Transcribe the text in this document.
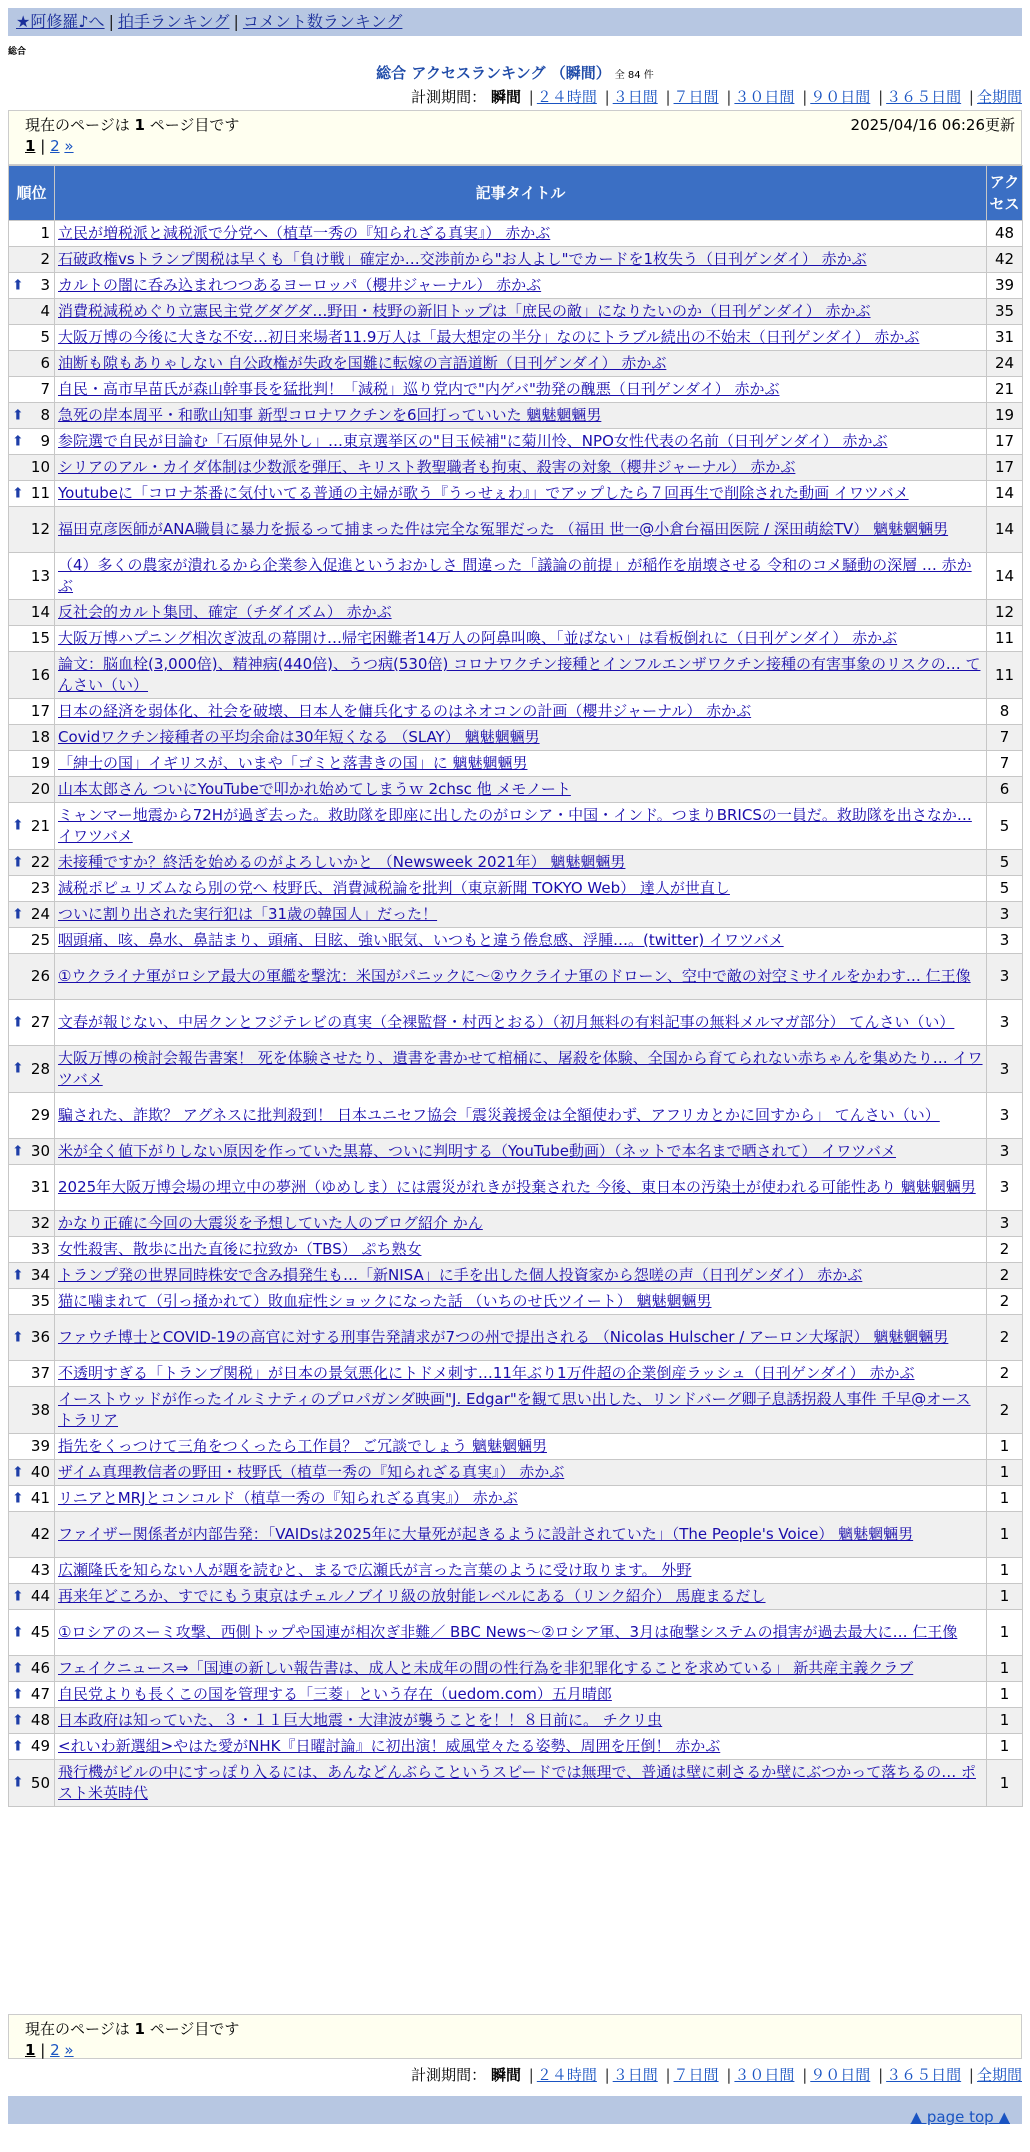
★阿修羅♪へ | 拍手ランキング | コメント数ランキング
総合
総合 アクセスランキング （瞬間） 全 84 件
計測期間： 瞬間 | ２４時間 | ３日間 | ７日間 | ３０日間 | ９０日間 | ３６５日間 | 全期間
現在のページは 1 ページ目です	2025/04/16 06:26更新
1 | 2 »
順位	記事タイトル	アクセス
1	立民が増税派と減税派で分党へ（植草一秀の『知られざる真実』） 赤かぶ	48
2	石破政権vsトランプ関税は早くも「負け戦」確定か…交渉前から"お人よし"でカードを1枚失う（日刊ゲンダイ） 赤かぶ	42

⬆ 3	カルトの闇に呑み込まれつつあるヨーロッパ（櫻井ジャーナル） 赤かぶ	39
4	消費税減税めぐり立憲民主党グダグダ…野田・枝野の新旧トップは「庶民の敵」になりたいのか（日刊ゲンダイ） 赤かぶ	35
5	大阪万博の今後に大きな不安…初日来場者11.9万人は「最大想定の半分」なのにトラブル続出の不始末（日刊ゲンダイ） 赤かぶ	31
6	油断も隙もありゃしない 自公政権が失政を国難に転嫁の言語道断（日刊ゲンダイ） 赤かぶ	24
7	自民・高市早苗氏が森山幹事長を猛批判！「減税」巡り党内で"内ゲバ"勃発の醜悪（日刊ゲンダイ） 赤かぶ	21

⬆ 8	急死の岸本周平・和歌山知事 新型コロナワクチンを6回打っていいた 魑魅魍魎男	19

⬆ 9	参院選で自民が目論む「石原伸晃外し」…東京選挙区の"目玉候補"に菊川怜、NPO女性代表の名前（日刊ゲンダイ） 赤かぶ	17
10	シリアのアル・カイダ体制は少数派を弾圧、キリスト教聖職者も拘束、殺害の対象（櫻井ジャーナル） 赤かぶ	17

⬆ 11	Youtubeに「コロナ茶番に気付いてる普通の主婦が歌う『うっせぇわ』」でアップしたら７回再生で削除された動画 イワツバメ	14
12	福田克彦医師がANA職員に暴力を振るって捕まった件は完全な冤罪だった （福田 世一@小倉台福田医院 / 深田萌絵TV） 魑魅魍魎男	14
13	（4）多くの農家が潰れるから企業参入促進というおかしさ 間違った「議論の前提」が稲作を崩壊させる 令和のコメ騒動の深層 … 赤かぶ	14
14	反社会的カルト集団、確定（チダイズム） 赤かぶ	12
15	大阪万博ハプニング相次ぎ波乱の幕開け…帰宅困難者14万人の阿鼻叫喚、「並ばない」は看板倒れに（日刊ゲンダイ） 赤かぶ	11
16	論文：脳血栓(3,000倍)、精神病(440倍)、うつ病(530倍) コロナワクチン接種とインフルエンザワクチン接種の有害事象のリスクの… てんさい（い）	11
17	日本の経済を弱体化、社会を破壊、日本人を傭兵化するのはネオコンの計画（櫻井ジャーナル） 赤かぶ	8
18	Covidワクチン接種者の平均余命は30年短くなる （SLAY） 魑魅魍魎男	7
19	「紳士の国」イギリスが、いまや「ゴミと落書きの国」に 魑魅魍魎男	7
20	山本太郎さん ついにYouTubeで叩かれ始めてしまうｗ 2chsc 他 メモノート	6

⬆ 21	ミャンマー地震から72Hが過ぎ去った。救助隊を即座に出したのがロシア・中国・インド。つまりBRICSの一員だ。救助隊を出さなか… イワツバメ	5

⬆ 22	未接種ですか？終活を始めるのがよろしいかと （Newsweek 2021年） 魑魅魍魎男	5
23	減税ポピュリズムなら別の党へ 枝野氏、消費減税論を批判（東京新聞 TOKYO Web） 達人が世直し	5

⬆ 24	ついに割り出された実行犯は「31歳の韓国人」だった！	3
25	咽頭痛、咳、鼻水、鼻詰まり、頭痛、目眩、強い眠気、いつもと違う倦怠感、浮腫…。(twitter) イワツバメ	3
26	①ウクライナ軍がロシア最大の軍艦を撃沈：米国がパニックに〜②ウクライナ軍のドローン、空中で敵の対空ミサイルをかわす… 仁王像	3

⬆ 27	文春が報じない、中居クンとフジテレビの真実（全裸監督・村西とおる）（初月無料の有料記事の無料メルマガ部分） てんさい（い）	3

⬆ 28	大阪万博の検討会報告書案！ 死を体験させたり、遺書を書かせて棺桶に、屠殺を体験、全国から育てられない赤ちゃんを集めたり… イワツバメ	3
29	騙された、詐欺？ アグネスに批判殺到！ 日本ユニセフ協会「震災義援金は全額使わず、アフリカとかに回すから」 てんさい（い）	3

⬆ 30	米が全く値下がりしない原因を作っていた黒幕、ついに判明する（YouTube動画）（ネットで本名まで晒されて） イワツバメ	3
31	2025年大阪万博会場の埋立中の夢洲（ゆめしま）には震災がれきが投棄された 今後、東日本の汚染土が使われる可能性あり 魑魅魍魎男	3
32	かなり正確に今回の大震災を予想していた人のブログ紹介 かん	3
33	女性殺害、散歩に出た直後に拉致か（TBS） ぷち熟女	2

⬆ 34	トランプ発の世界同時株安で含み損発生も…「新NISA」に手を出した個人投資家から怨嗟の声（日刊ゲンダイ） 赤かぶ	2
35	猫に噛まれて（引っ掻かれて）敗血症性ショックになった話 （いちのせ氏ツイート） 魑魅魍魎男	2

⬆ 36	ファウチ博士とCOVID-19の高官に対する刑事告発請求が7つの州で提出される （Nicolas Hulscher / アーロン大塚訳） 魑魅魍魎男	2
37	不透明すぎる「トランプ関税」が日本の景気悪化にトドメ刺す…11年ぶり1万件超の企業倒産ラッシュ（日刊ゲンダイ） 赤かぶ	2
38	イーストウッドが作ったイルミナティのプロパガンダ映画"J. Edgar"を観て思い出した、リンドバーグ卿子息誘拐殺人事件 千早@オーストラリア	2
39	指先をくっつけて三角をつくったら工作員？ ご冗談でしょう 魑魅魍魎男	1

⬆ 40	ザイム真理教信者の野田・枝野氏（植草一秀の『知られざる真実』） 赤かぶ	1

⬆ 41	リニアとMRJとコンコルド（植草一秀の『知られざる真実』） 赤かぶ	1
42	ファイザー関係者が内部告発：「VAIDsは2025年に大量死が起きるように設計されていた」（The People's Voice） 魑魅魍魎男	1
43	広瀬隆氏を知らない人が題を読むと、まるで広瀬氏が言った言葉のように受け取ります。 外野	1

⬆ 44	再来年どころか、すでにもう東京はチェルノブイリ級の放射能レベルにある（リンク紹介） 馬鹿まるだし	1

⬆ 45	①ロシアのスーミ攻撃、西側トップや国連が相次ぎ非難／ BBC News〜②ロシア軍、3月は砲撃システムの損害が過去最大に… 仁王像	1

⬆ 46	フェイクニュース⇒「国連の新しい報告書は、成人と未成年の間の性行為を非犯罪化することを求めている」 新共産主義クラブ	1

⬆ 47	自民党よりも長くこの国を管理する「三菱」という存在（uedom.com）五月晴郎	1

⬆ 48	日本政府は知っていた、３・１１巨大地震・大津波が襲うことを！！８日前に。 チクリ虫	1

⬆ 49	<れいわ新選組>やはた愛がNHK『日曜討論』に初出演！威風堂々たる姿勢、周囲を圧倒！ 赤かぶ	1

⬆ 50	飛行機がビルの中にすっぽり入るには、あんなどんぶらこというスピードでは無理で、普通は壁に刺さるか壁にぶつかって落ちるの… ポスト米英時代	1
現在のページは 1 ページ目です
1 | 2 »
計測期間： 瞬間 | ２４時間 | ３日間 | ７日間 | ３０日間 | ９０日間 | ３６５日間 | 全期間
▲ page top ▲
